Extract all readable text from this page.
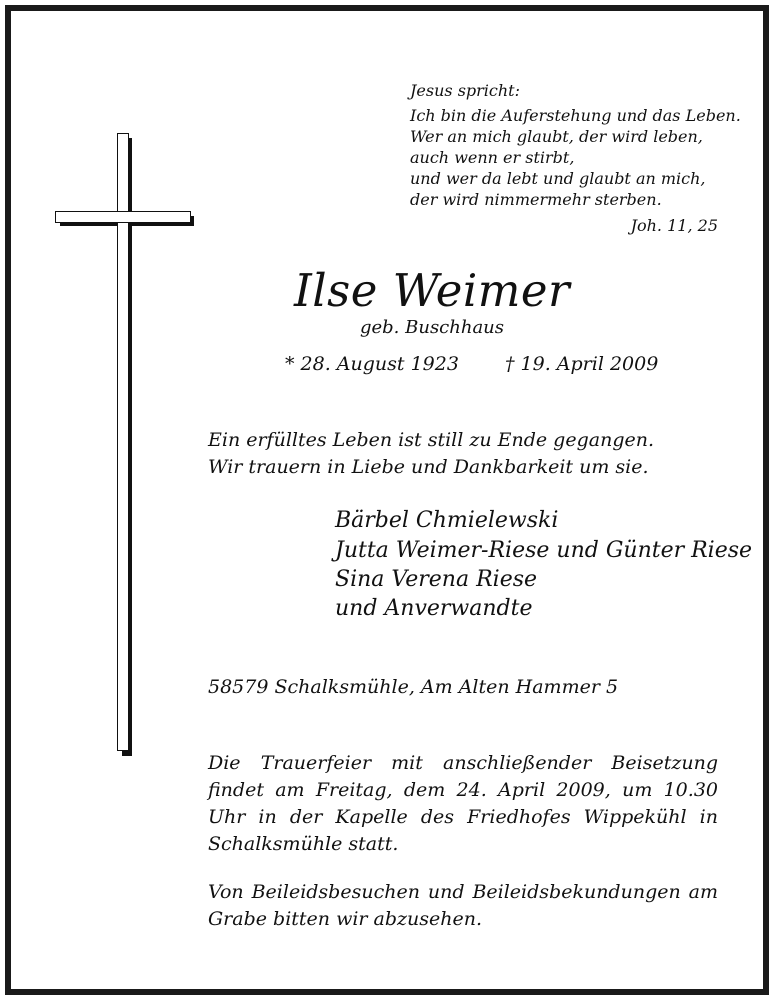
Jesus spricht:
Ich bin die Auferstehung und das Leben.
Wer an mich glaubt, der wird leben,
auch wenn er stirbt,
und wer da lebt und glaubt an mich,
der wird nimmermehr sterben.
Joh. 11, 25
Ilse Weimer
geb. Buschhaus
* 28. August 1923 † 19. April 2009
Ein erfülltes Leben ist still zu Ende gegangen.
Wir trauern in Liebe und Dankbarkeit um sie.
Bärbel Chmielewski
Jutta Weimer-Riese und Günter Riese
Sina Verena Riese
und Anverwandte
58579 Schalksmühle, Am Alten Hammer 5
Die Trauerfeier mit anschließender Beisetzung findet am Freitag, dem 24. April 2009, um 10.30 Uhr in der Kapelle des Friedhofes Wippekühl in Schalksmühle statt.
Von Beileidsbesuchen und Beileidsbekundungen am Grabe bitten wir abzusehen.
